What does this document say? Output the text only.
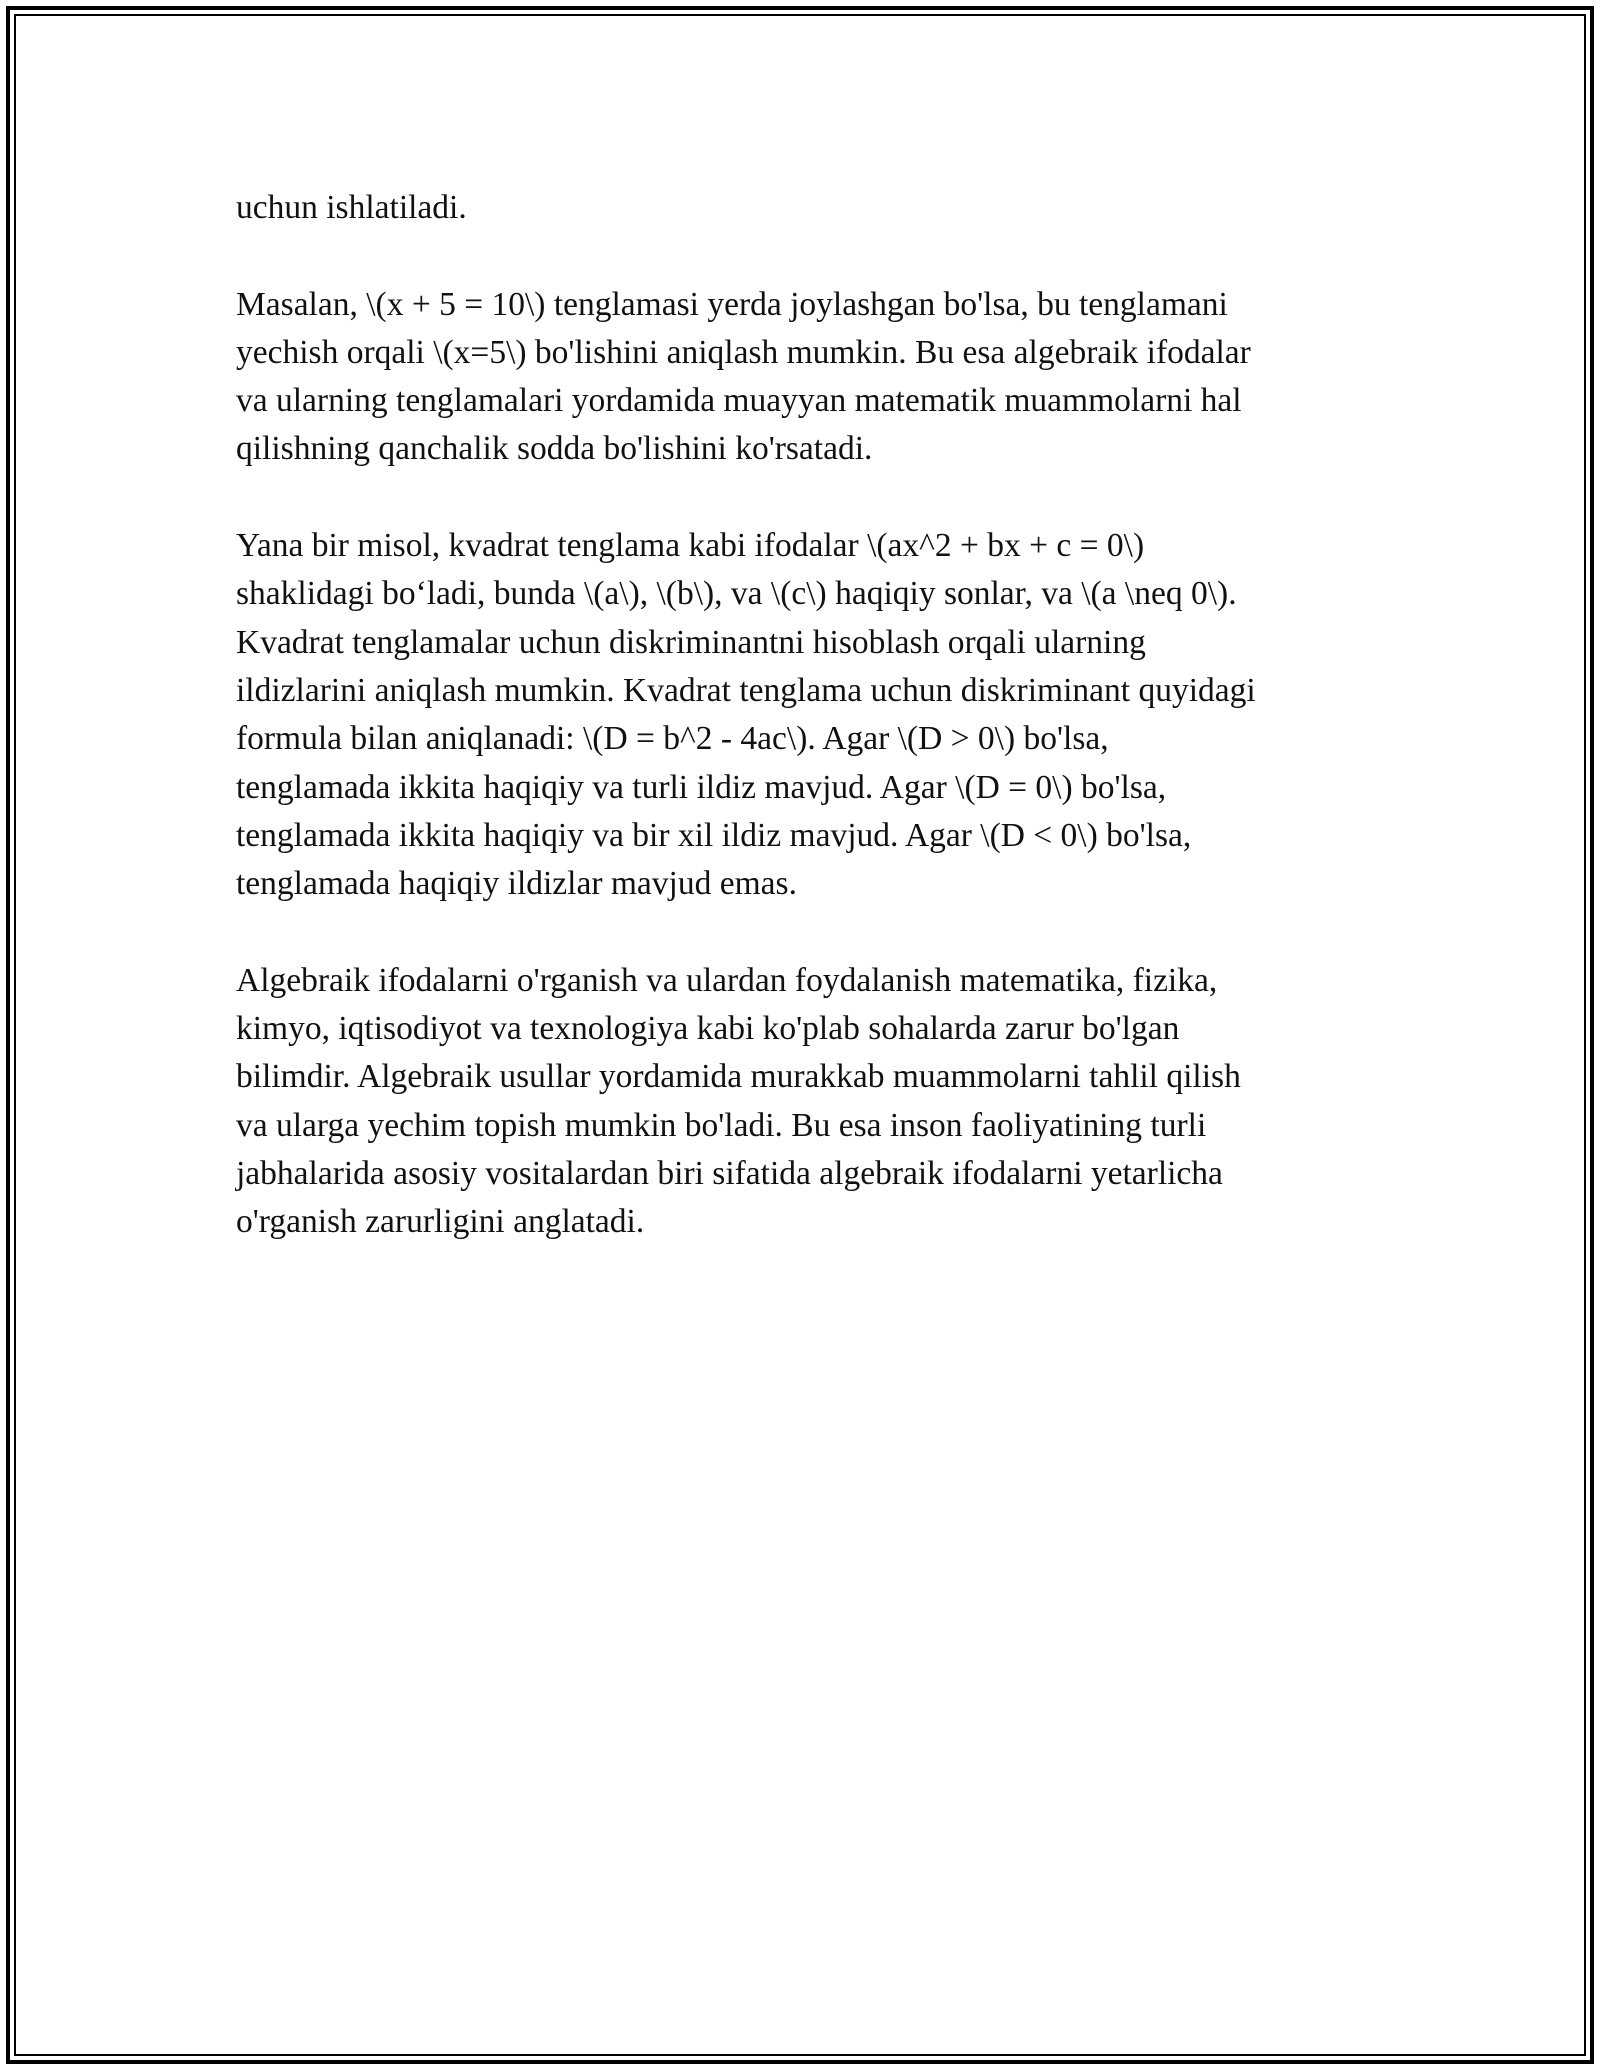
uchun ishlatiladi.

Masalan, \(x + 5 = 10\) tenglamasi yerda joylashgan bo'lsa, bu tenglamani
yechish orqali \(x=5\) bo'lishini aniqlash mumkin. Bu esa algebraik ifodalar
va ularning tenglamalari yordamida muayyan matematik muammolarni hal
qilishning qanchalik sodda bo'lishini ko'rsatadi.

Yana bir misol, kvadrat tenglama kabi ifodalar \(ax^2 + bx + c = 0\)
shaklidagi bo‘ladi, bunda \(a\), \(b\), va \(c\) haqiqiy sonlar, va \(a \neq 0\).
Kvadrat tenglamalar uchun diskriminantni hisoblash orqali ularning
ildizlarini aniqlash mumkin. Kvadrat tenglama uchun diskriminant quyidagi
formula bilan aniqlanadi: \(D = b^2 - 4ac\). Agar \(D > 0\) bo'lsa,
tenglamada ikkita haqiqiy va turli ildiz mavjud. Agar \(D = 0\) bo'lsa,
tenglamada ikkita haqiqiy va bir xil ildiz mavjud. Agar \(D < 0\) bo'lsa,
tenglamada haqiqiy ildizlar mavjud emas.

Algebraik ifodalarni o'rganish va ulardan foydalanish matematika, fizika,
kimyo, iqtisodiyot va texnologiya kabi ko'plab sohalarda zarur bo'lgan
bilimdir. Algebraik usullar yordamida murakkab muammolarni tahlil qilish
va ularga yechim topish mumkin bo'ladi. Bu esa inson faoliyatining turli
jabhalarida asosiy vositalardan biri sifatida algebraik ifodalarni yetarlicha
o'rganish zarurligini anglatadi.
